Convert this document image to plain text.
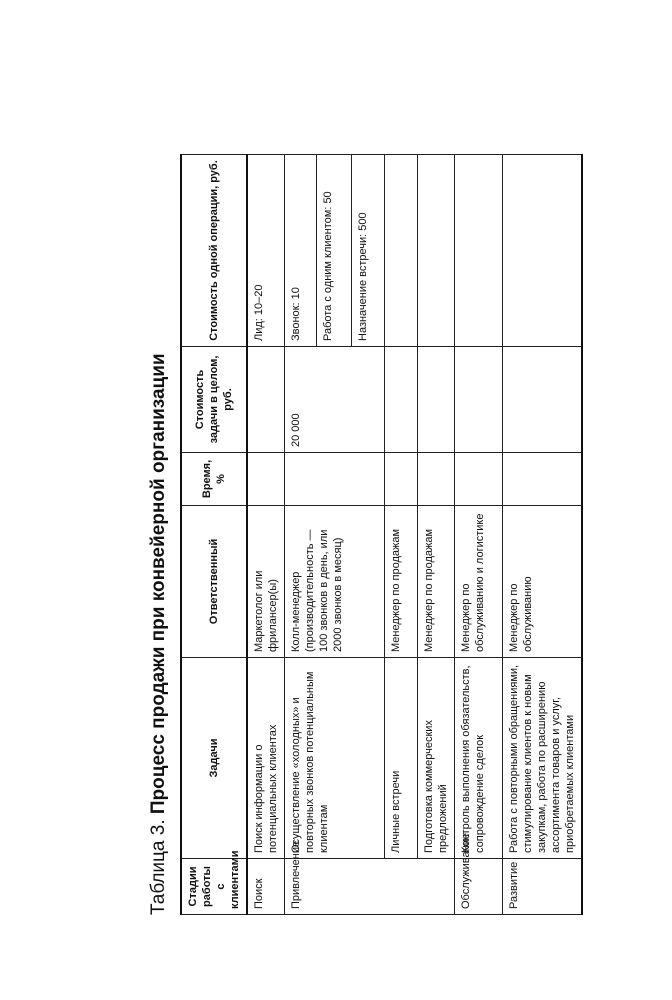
Таблица 3. Процесс продажи при конвейерной организации
Стадии работы с клиентами	Задачи	Ответственный	Время, %	Стоимость задачи в целом, руб.	Стоимость одной операции, руб.
Поиск	Поиск информации о потенциальных клиентах	Маркетолог или фрилансер(ы)			Лид: 10–20
Привлечение	Осуществление «холодных» и повторных звонков потенциальным клиентам	Колл-менеджер (производительность — 100 звонков в день, или 2000 звонков в месяц)		20 000	Звонок: 10 Работа с одним клиентом: 50 Назначение встречи: 500

	Личные встречи	Менеджер по продажам			
	Подготовка коммерческих предложений	Менеджер по продажам			
Обслуживание	Контроль выполнения обязательств, сопровождение сделок	Менеджер по обслуживанию и логистике			
Развитие	Работа с повторными обращениями, стимулирование клиентов к новым закупкам, работа по расширению ассортимента товаров и услуг, приобретаемых клиентами	Менеджер по обслуживанию			
